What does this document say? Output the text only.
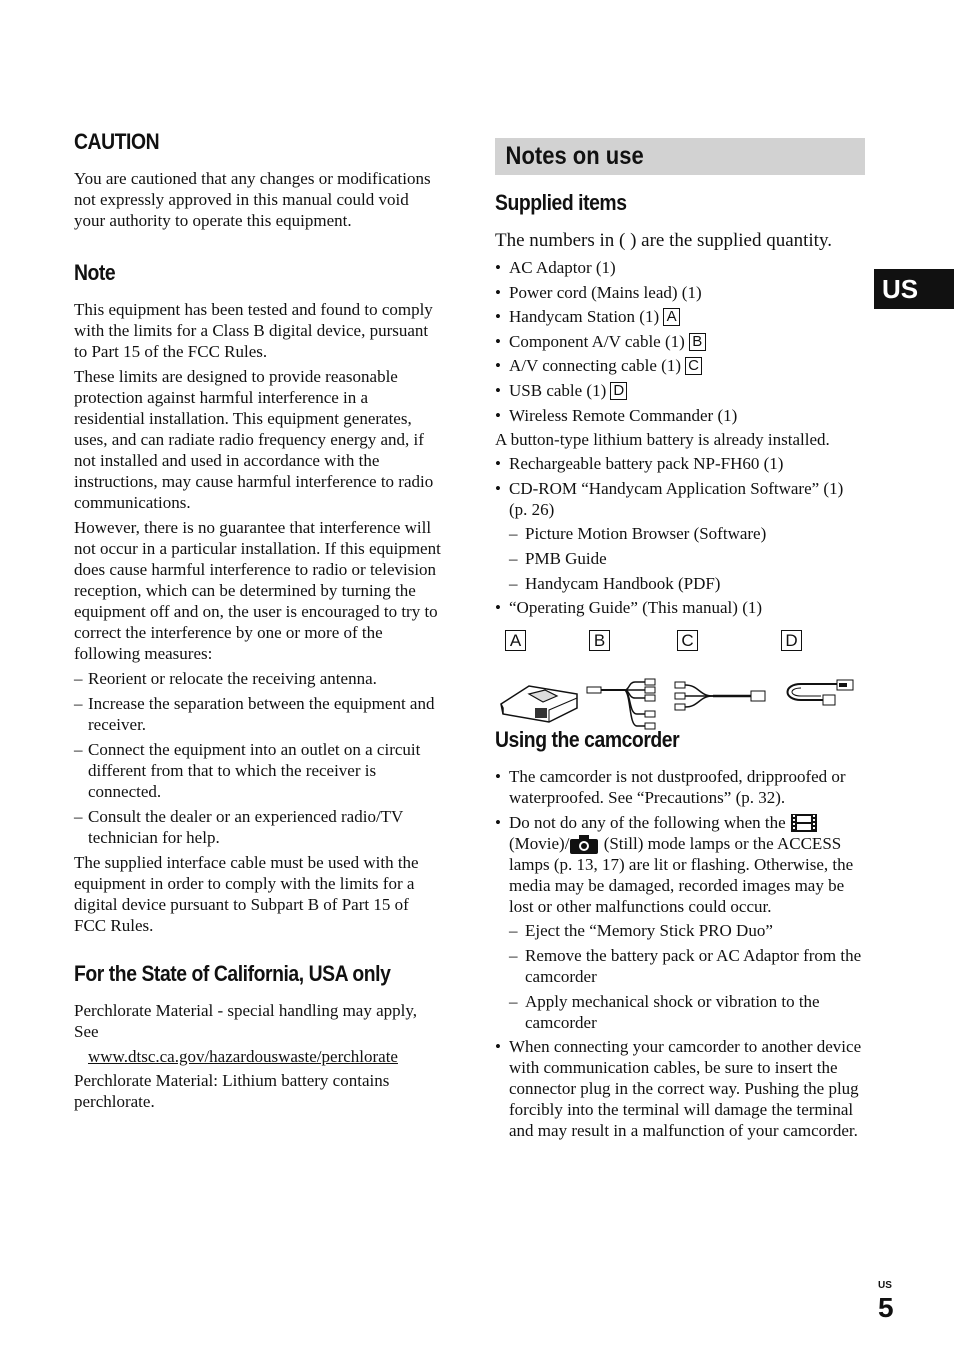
CAUTION

You are cautioned that any changes or modifications not expressly approved in this manual could void your authority to operate this equipment.

Note

This equipment has been tested and found to comply with the limits for a Class B digital device, pursuant to Part 15 of the FCC Rules.

These limits are designed to provide reasonable protection against harmful interference in a residential installation. This equipment generates, uses, and can radiate radio frequency energy and, if not installed and used in accordance with the instructions, may cause harmful interference to radio communications.

However, there is no guarantee that interference will not occur in a particular installation. If this equipment does cause harmful interference to radio or television reception, which can be determined by turning the equipment off and on, the user is encouraged to try to correct the interference by one or more of the following measures:

– Reorient or relocate the receiving antenna.
– Increase the separation between the equipment and receiver.
– Connect the equipment into an outlet on a circuit different from that to which the receiver is connected.
– Consult the dealer or an experienced radio/TV technician for help.

The supplied interface cable must be used with the equipment in order to comply with the limits for a digital device pursuant to Subpart B of Part 15 of FCC Rules.

For the State of California, USA only

Perchlorate Material - special handling may apply, See

www.dtsc.ca.gov/hazardouswaste/perchlorate

Perchlorate Material: Lithium battery contains perchlorate.

Notes on use
Supplied items
The numbers in ( ) are the supplied quantity.
• AC Adaptor (1)
• Power cord (Mains lead) (1)
• Handycam Station (1) A
• Component A/V cable (1) B
• A/V connecting cable (1) C
• USB cable (1) D
• Wireless Remote Commander (1)

A button-type lithium battery is already installed.

• Rechargeable battery pack NP-FH60 (1)
• CD-ROM “Handycam Application Software” (1) (p. 26)
– Picture Motion Browser (Software)
– PMB Guide
– Handycam Handbook (PDF)
• “Operating Guide” (This manual) (1)
A	B	C	D
Using the camcorder
• The camcorder is not dustproofed, dripproofed or waterproofed. See “Precautions” (p. 32).
• Do not do any of the following when the  (Movie)/ (Still) mode lamps or the ACCESS lamps (p. 13, 17) are lit or flashing. Otherwise, the media may be damaged, recorded images may be lost or other malfunctions could occur.
– Eject the “Memory Stick PRO Duo”
– Remove the battery pack or AC Adaptor from the camcorder
– Apply mechanical shock or vibration to the camcorder
• When connecting your camcorder to another device with communication cables, be sure to insert the connector plug in the correct way. Pushing the plug forcibly into the terminal will damage the terminal and may result in a malfunction of your camcorder.
US
US
5
